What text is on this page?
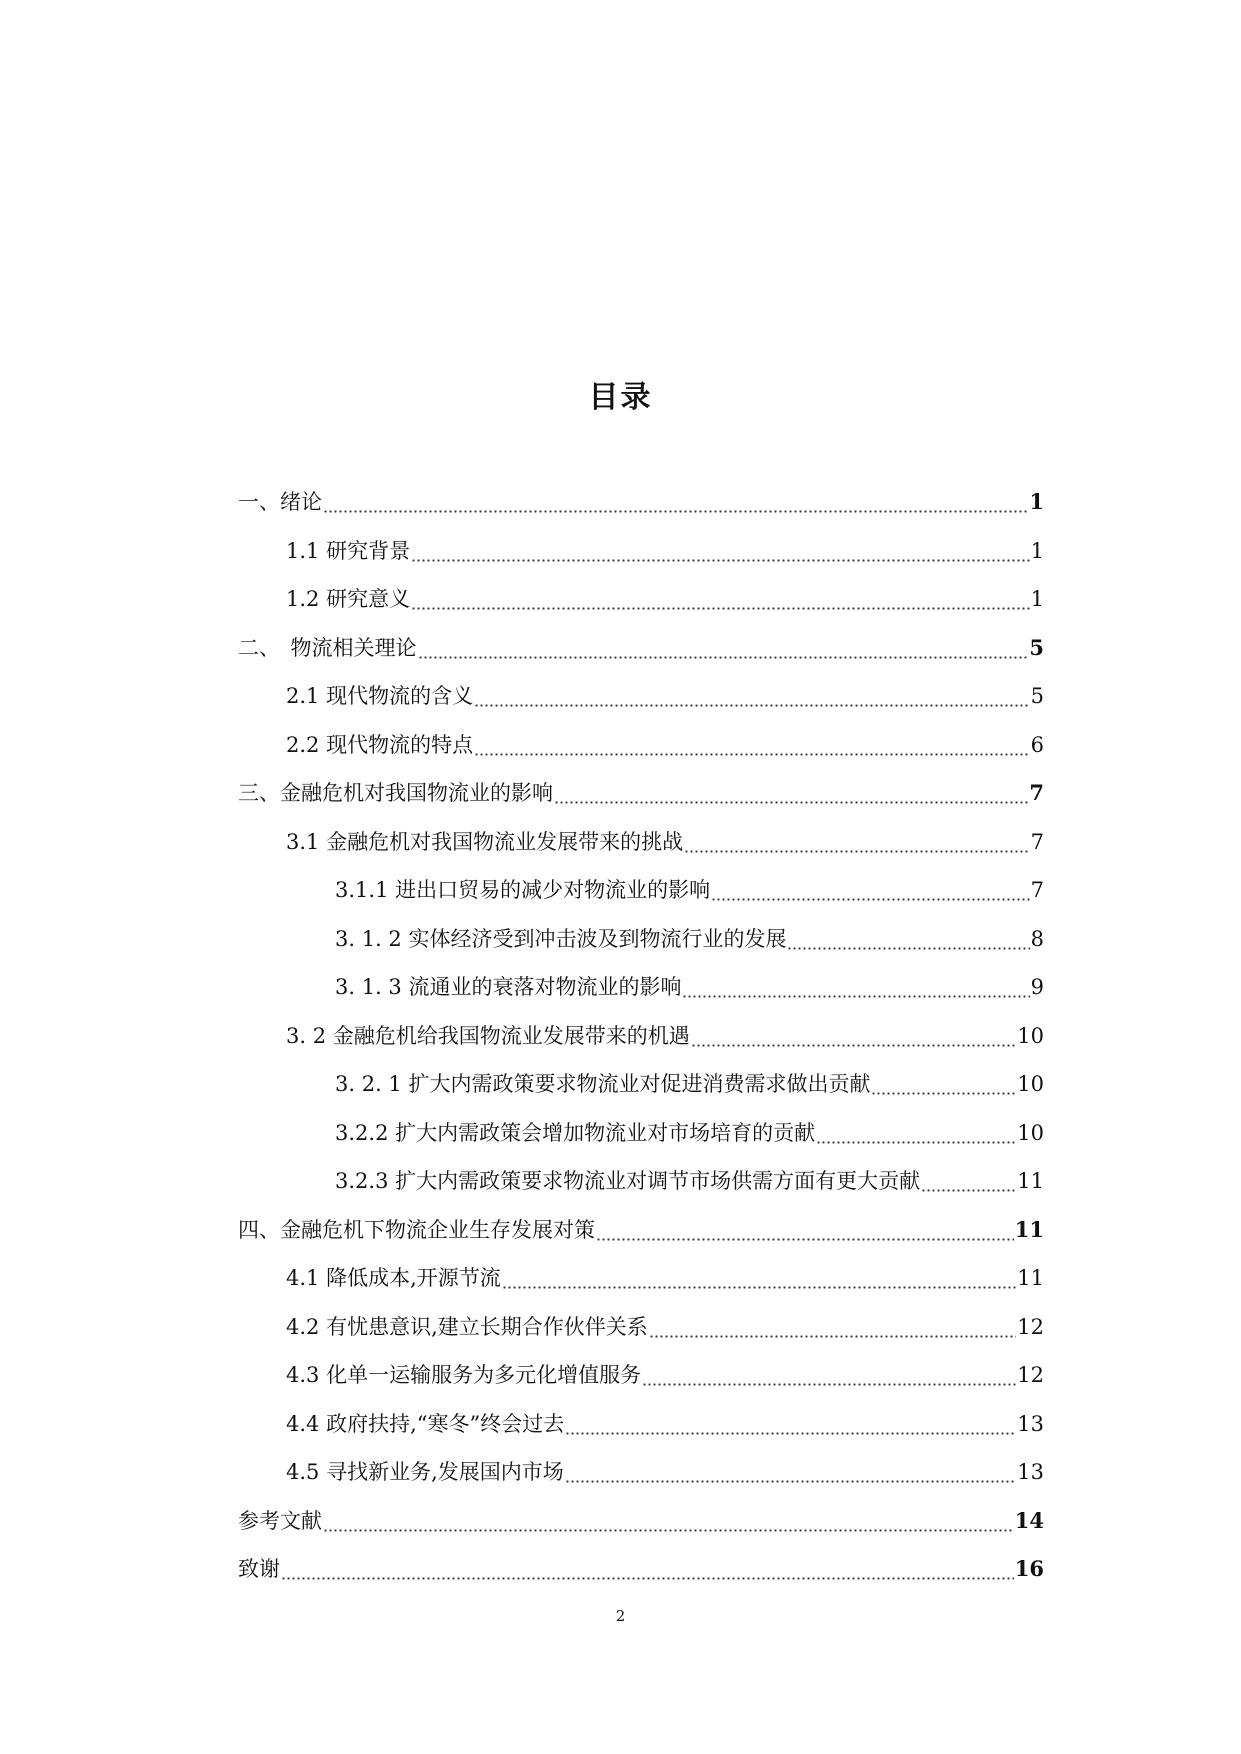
目录
一、绪论	1
1.1 研究背景	1
1.2 研究意义	1
二、　物流相关理论	5
2.1 现代物流的含义	5
2.2 现代物流的特点	6
三、金融危机对我国物流业的影响	7
3.1 金融危机对我国物流业发展带来的挑战	7
3.1.1 进出口贸易的减少对物流业的影响	7
3. 1. 2 实体经济受到冲击波及到物流行业的发展	8
3. 1. 3 流通业的衰落对物流业的影响	9
3. 2 金融危机给我国物流业发展带来的机遇	10
3. 2. 1 扩大内需政策要求物流业对促进消费需求做出贡献	10
3.2.2 扩大内需政策会增加物流业对市场培育的贡献	10
3.2.3 扩大内需政策要求物流业对调节市场供需方面有更大贡献	11
四、金融危机下物流企业生存发展对策	11
4.1 降低成本,开源节流	11
4.2 有忧患意识,建立长期合作伙伴关系	12
4.3 化单一运输服务为多元化增值服务	12
4.4 政府扶持,“寒冬”终会过去	13
4.5 寻找新业务,发展国内市场	13
参考文献	14
致谢	16
2
